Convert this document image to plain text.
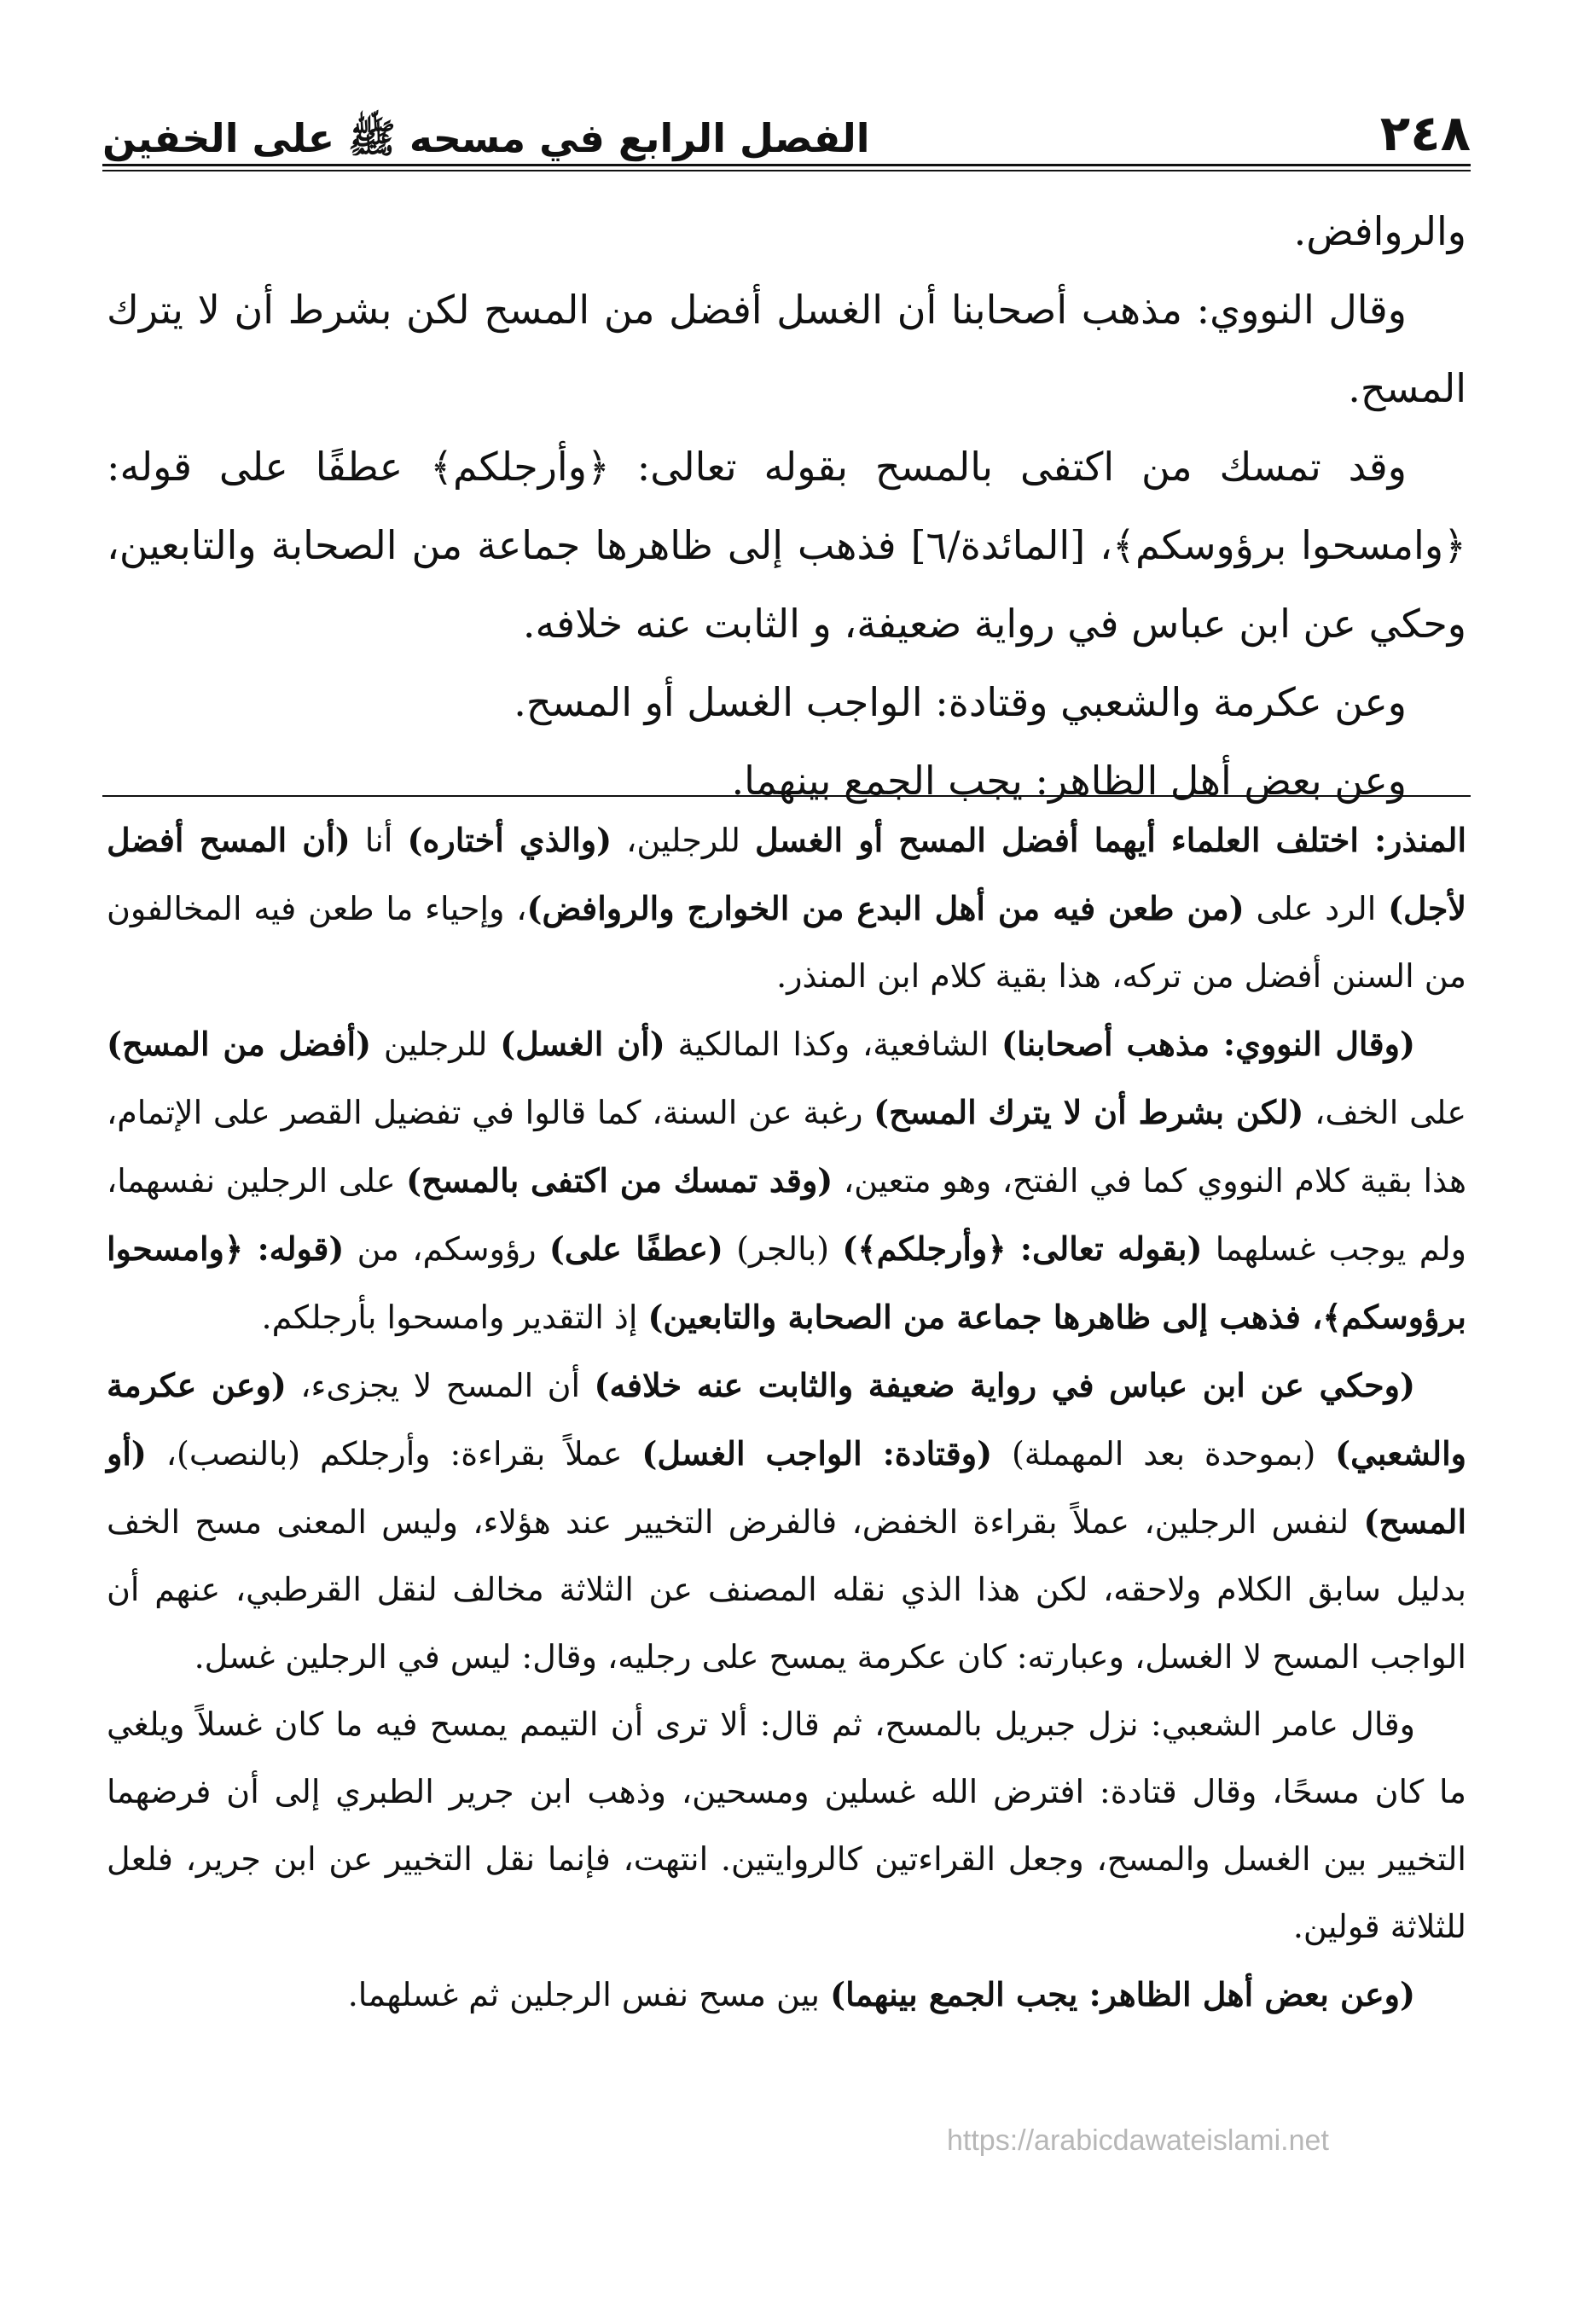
٢٤٨
الفصل الرابع في مسحه ﷺ على الخفين

والروافض.

وقال النووي: مذهب أصحابنا أن الغسل أفضل من المسح لكن بشرط أن لا يترك المسح.

وقد تمسك من اكتفى بالمسح بقوله تعالى: ﴿وأرجلكم﴾ عطفًا على قوله: ﴿وامسحوا برؤوسكم﴾، [المائدة/٦] فذهب إلى ظاهرها جماعة من الصحابة والتابعين، وحكي عن ابن عباس في رواية ضعيفة، و الثابت عنه خلافه.

وعن عكرمة والشعبي وقتادة: الواجب الغسل أو المسح.

وعن بعض أهل الظاهر: يجب الجمع بينهما.

المنذر: اختلف العلماء أيهما أفضل المسح أو الغسل للرجلين، (والذي أختاره) أنا (أن المسح أفضل لأجل) الرد على (من طعن فيه من أهل البدع من الخوارج والروافض)، وإحياء ما طعن فيه المخالفون من السنن أفضل من تركه، هذا بقية كلام ابن المنذر.

(وقال النووي: مذهب أصحابنا) الشافعية، وكذا المالكية (أن الغسل) للرجلين (أفضل من المسح) على الخف، (لكن بشرط أن لا يترك المسح) رغبة عن السنة، كما قالوا في تفضيل القصر على الإتمام، هذا بقية كلام النووي كما في الفتح، وهو متعين، (وقد تمسك من اكتفى بالمسح) على الرجلين نفسهما، ولم يوجب غسلهما (بقوله تعالى: ﴿وأرجلكم﴾) (بالجر) (عطفًا على) رؤوسكم، من (قوله: ﴿وامسحوا برؤوسكم﴾، فذهب إلى ظاهرها جماعة من الصحابة والتابعين) إذ التقدير وامسحوا بأرجلكم.

(وحكي عن ابن عباس في رواية ضعيفة والثابت عنه خلافه) أن المسح لا يجزىء، (وعن عكرمة والشعبي) (بموحدة بعد المهملة) (وقتادة: الواجب الغسل) عملاً بقراءة: وأرجلكم (بالنصب)، (أو المسح) لنفس الرجلين، عملاً بقراءة الخفض، فالفرض التخيير عند هؤلاء، وليس المعنى مسح الخف بدليل سابق الكلام ولاحقه، لكن هذا الذي نقله المصنف عن الثلاثة مخالف لنقل القرطبي، عنهم أن الواجب المسح لا الغسل، وعبارته: كان عكرمة يمسح على رجليه، وقال: ليس في الرجلين غسل.

وقال عامر الشعبي: نزل جبريل بالمسح، ثم قال: ألا ترى أن التيمم يمسح فيه ما كان غسلاً ويلغي ما كان مسحًا، وقال قتادة: افترض الله غسلين ومسحين، وذهب ابن جرير الطبري إلى أن فرضهما التخيير بين الغسل والمسح، وجعل القراءتين كالروايتين. انتهت، فإنما نقل التخيير عن ابن جرير، فلعل للثلاثة قولين.

(وعن بعض أهل الظاهر: يجب الجمع بينهما) بين مسح نفس الرجلين ثم غسلهما.

https://arabicdawateislami.net
